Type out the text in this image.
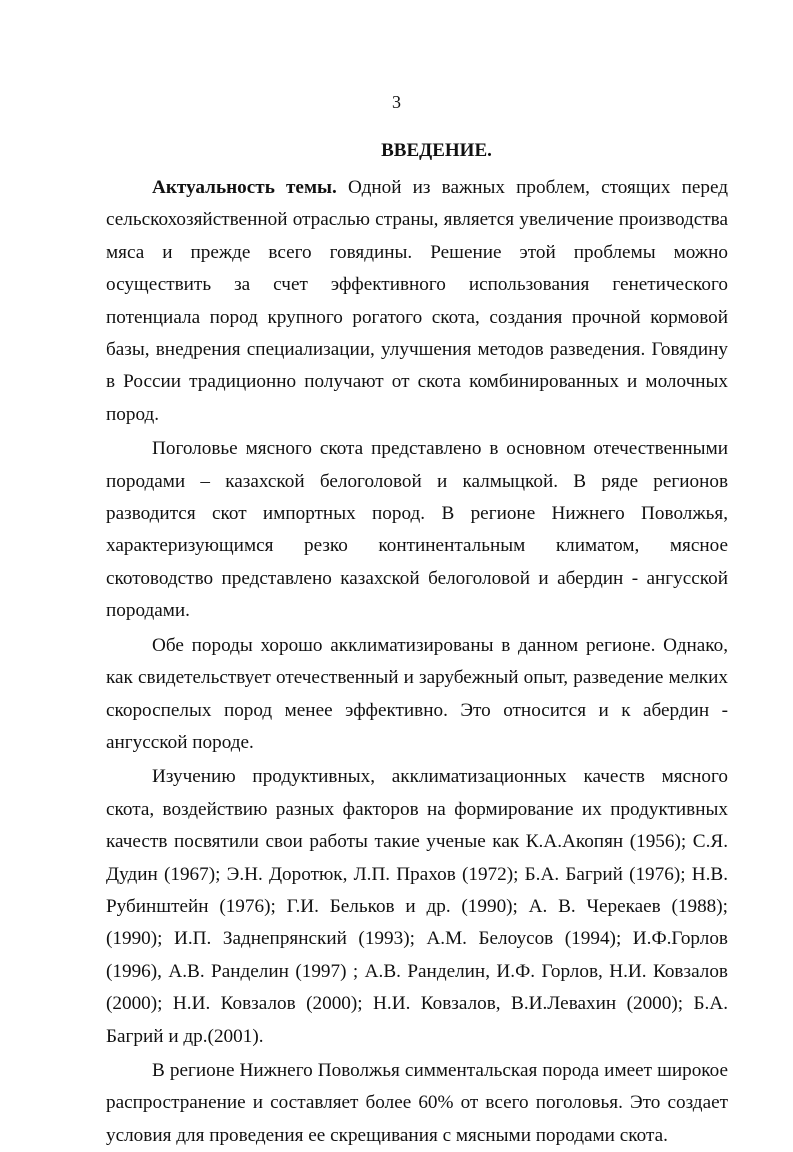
3
ВВЕДЕНИЕ.

Актуальность темы. Одной из важных проблем, стоящих перед сельскохозяйственной отраслью страны, является увеличение производства мяса и прежде всего говядины. Решение этой проблемы можно осуществить за счет эффективного использования генетического потенциала пород крупного рогатого скота, создания прочной кормовой базы, внедрения специализации, улучшения методов разведения. Говядину в России традиционно получают от скота комбинированных и молочных пород.

Поголовье мясного скота представлено в основном отечественными породами – казахской белоголовой и калмыцкой. В ряде регионов разводится скот импортных пород. В регионе Нижнего Поволжья, характеризующимся резко континентальным климатом, мясное скотоводство представлено казахской белоголовой и абердин - ангусской породами.

Обе породы хорошо акклиматизированы в данном регионе. Однако, как свидетельствует отечественный и зарубежный опыт, разведение мелких скороспелых пород менее эффективно. Это относится и к абердин - ангусской породе.

Изучению продуктивных, акклиматизационных качеств мясного скота, воздействию разных факторов на формирование их продуктивных качеств посвятили свои работы такие ученые как К.А.Акопян (1956); С.Я. Дудин (1967); Э.Н. Доротюк, Л.П. Прахов (1972); Б.А. Багрий (1976); Н.В. Рубинштейн (1976); Г.И. Бельков и др. (1990); А. В. Черекаев (1988); (1990); И.П. Заднепрянский (1993); А.М. Белоусов (1994); И.Ф.Горлов (1996), А.В. Ранделин (1997) ; А.В. Ранделин, И.Ф. Горлов, Н.И. Ковзалов (2000); Н.И. Ковзалов (2000); Н.И. Ковзалов, В.И.Левахин (2000); Б.А. Багрий и др.(2001).

В регионе Нижнего Поволжья симментальская порода имеет широкое распространение и составляет более 60% от всего поголовья. Это создает условия для проведения ее скрещивания с мясными породами скота.
